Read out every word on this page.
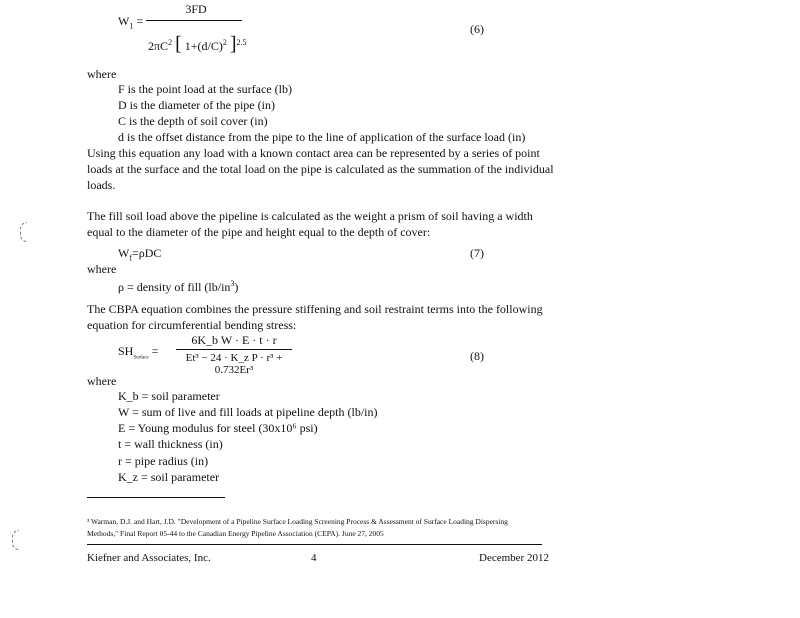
$W_1$ =
3FD
$2\pi C^2$ [ $1+(d/C)^2$ ]$^{2.5}$
(6)
where
F is the point load at the surface (lb)
D is the diameter of the pipe (in)
C is the depth of soil cover (in)
d is the offset distance from the pipe to the line of application of the surface load (in)
Using this equation any load with a known contact area can be represented by a series of point
loads at the surface and the total load on the pipe is calculated as the summation of the individual
loads.
The fill soil load above the pipeline is calculated as the weight a prism of soil having a width
equal to the diameter of the pipe and height equal to the depth of cover:
$W_f=\rho DC$	(7)
where
ρ = density of fill $(lb/in^3)$
The CBPA equation combines the pressure stiffening and soil restraint terms into the following
equation for circumferential bending stress:
$SH_{Surface}$ =
6K_b W · E · t · r
Et³ − 24 · K_z P · r³ + 0.732Er³
(8)
where
K_b = soil parameter
W = sum of live and fill loads at pipeline depth (lb/in)
E = Young modulus for steel (30x10⁶ psi)
t = wall thickness (in)
r = pipe radius (in)
K_z = soil parameter
³ Warman, D.J. and Hart, J.D. "Development of a Pipeline Surface Loading Screening Process & Assessment of Surface Loading Dispersing
Methods," Final Report 05-44 to the Canadian Energy Pipeline Association (CEPA). June 27, 2005
Kiefner and Associates, Inc.	4	December 2012
